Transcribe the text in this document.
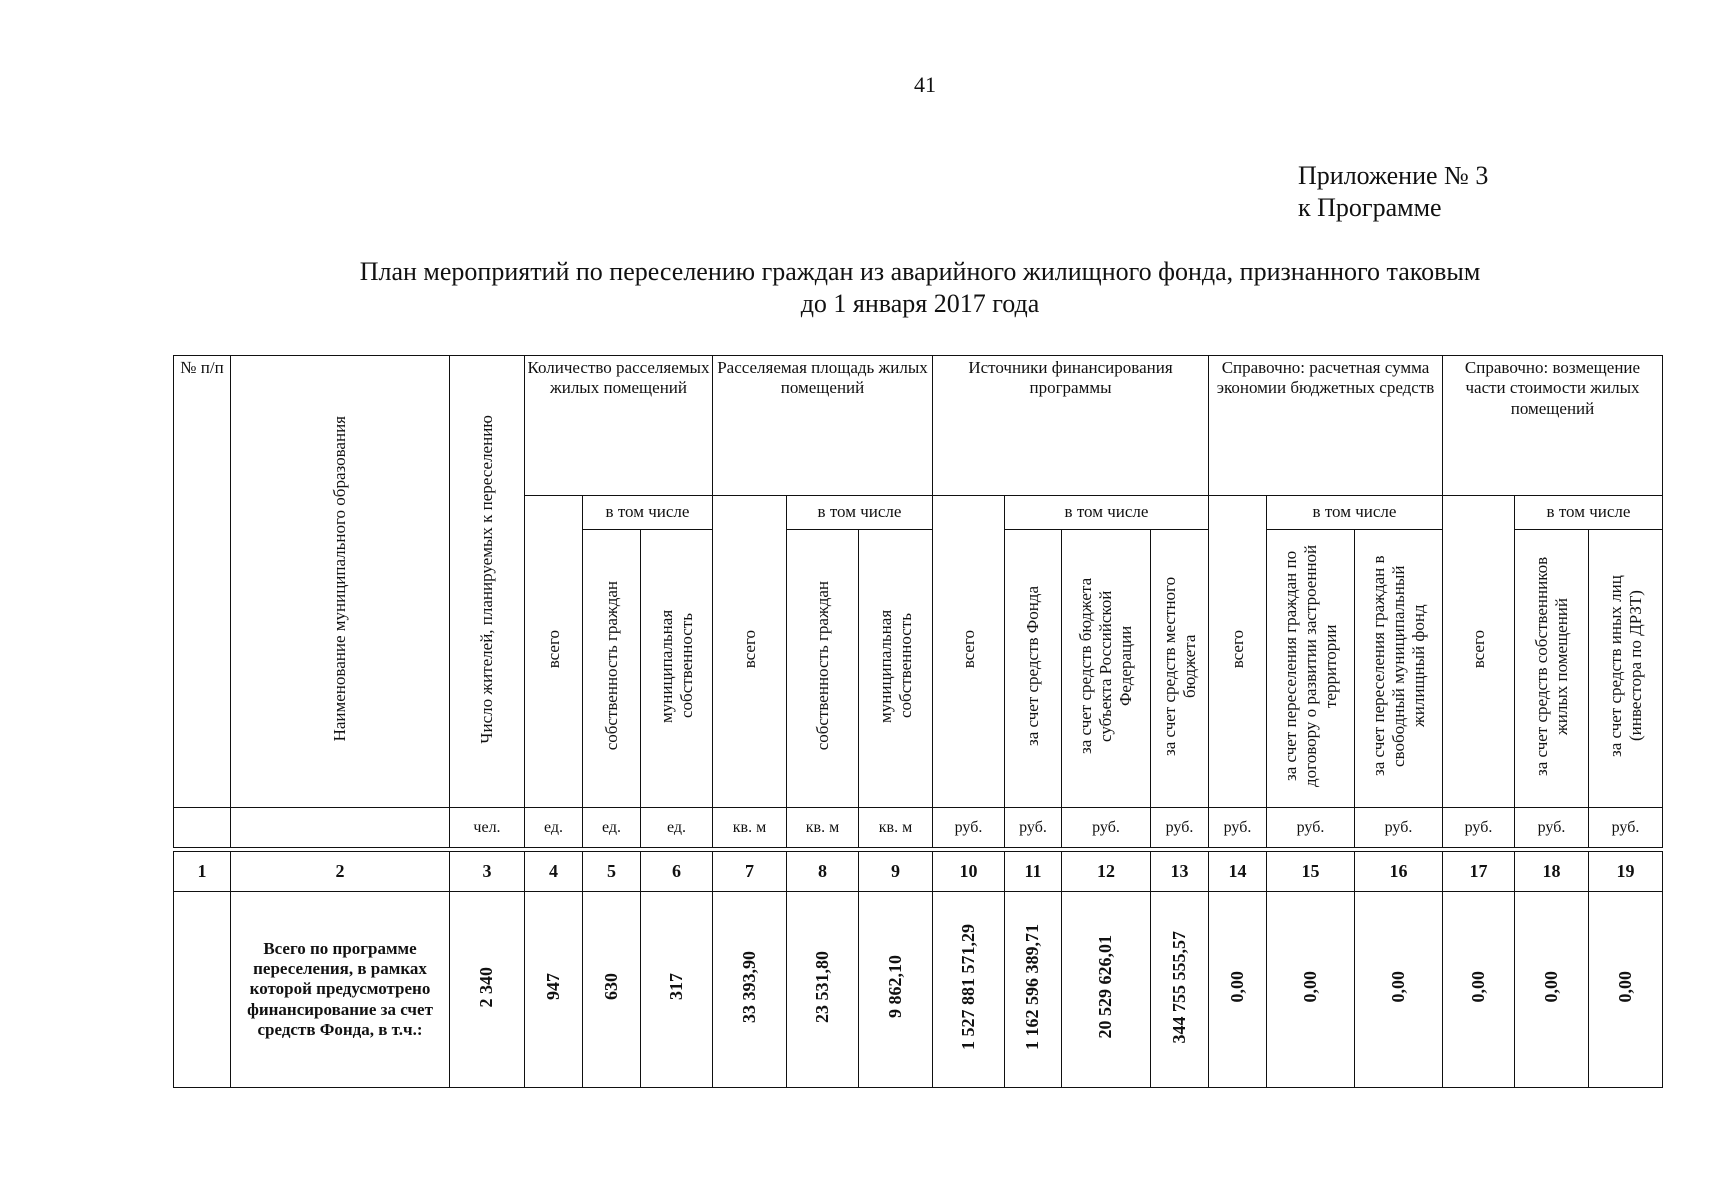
41
Приложение № 3
к Программе
План мероприятий по переселению граждан из аварийного жилищного фонда, признанного таковым
до 1 января 2017 года
№ п/п	Наименование муниципального образования	Число жителей, планируемых к переселению	Количество расселяемых жилых помещений			Расселяемая площадь жилых помещений			Источники финансирования программы				Справочно: расчетная сумма экономии бюджетных средств			Справочно: возмещение части стоимости жилых помещений		
			всего	в том числе		всего	в том числе		всего	в том числе			всего	в том числе		всего	в том числе	
				собственность граждан	муниципальная собственность		собственность граждан	муниципальная собственность		за счет средств Фонда	за счет средств бюджета субъекта Российской Федерации	за счет средств местного бюджета		за счет переселения граждан по договору о развитии застроенной территории	за счет переселения граждан в свободный муниципальный жилищный фонд		за счет средств собственников жилых помещений	за счет средств иных лиц (инвестора по ДРЗТ)
		чел.	ед.	ед.	ед.	кв. м	кв. м	кв. м	руб.	руб.	руб.	руб.	руб.	руб.	руб.	руб.	руб.	руб.

1	2	3	4	5	6	7	8	9	10	11	12	13	14	15	16	17	18	19
	Всего по программе переселения, в рамках которой предусмотрено финансирование за счет средств Фонда, в т.ч.:	2 340	947	630	317	33 393,90	23 531,80	9 862,10	1 527 881 571,29	1 162 596 389,71	20 529 626,01	344 755 555,57	0,00	0,00	0,00	0,00	0,00	0,00
